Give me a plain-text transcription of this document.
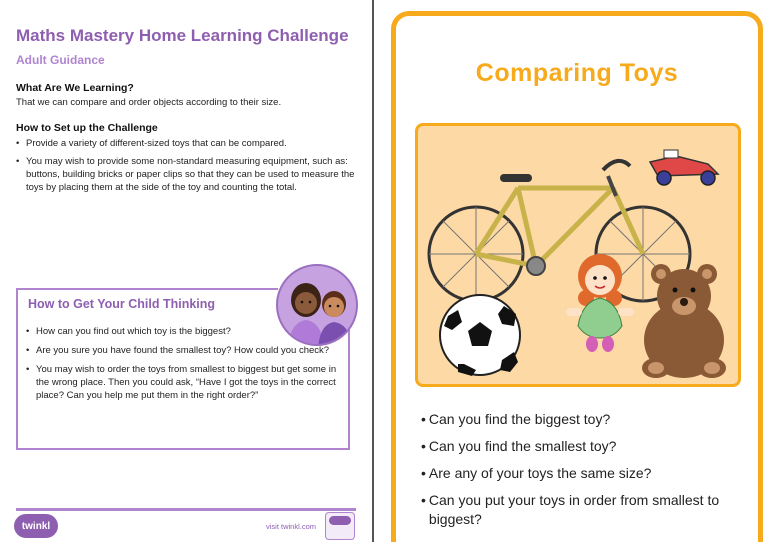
Maths Mastery Home Learning Challenge
Adult Guidance
What Are We Learning?
That we can compare and order objects according to their size.
How to Set up the Challenge
• Provide a variety of different-sized toys that can be compared.
• You may wish to provide some non-standard measuring equipment, such as: buttons, building bricks or paper clips so that they can be used to measure the toys by placing them at the side of the toy and counting the total.
How to Get Your Child Thinking
• How can you find out which toy is the biggest?
• Are you sure you have found the smallest toy? How could you check?
• You may wish to order the toys from smallest to biggest but get some in the wrong place. Then you could ask, “Have I got the toys in the correct place? Can you help me put them in the right order?”
twinkl	visit twinkl.com
Comparing Toys
• Can you find the biggest toy?
• Can you find the smallest toy?
• Are any of your toys the same size?
• Can you put your toys in order from smallest to biggest?
